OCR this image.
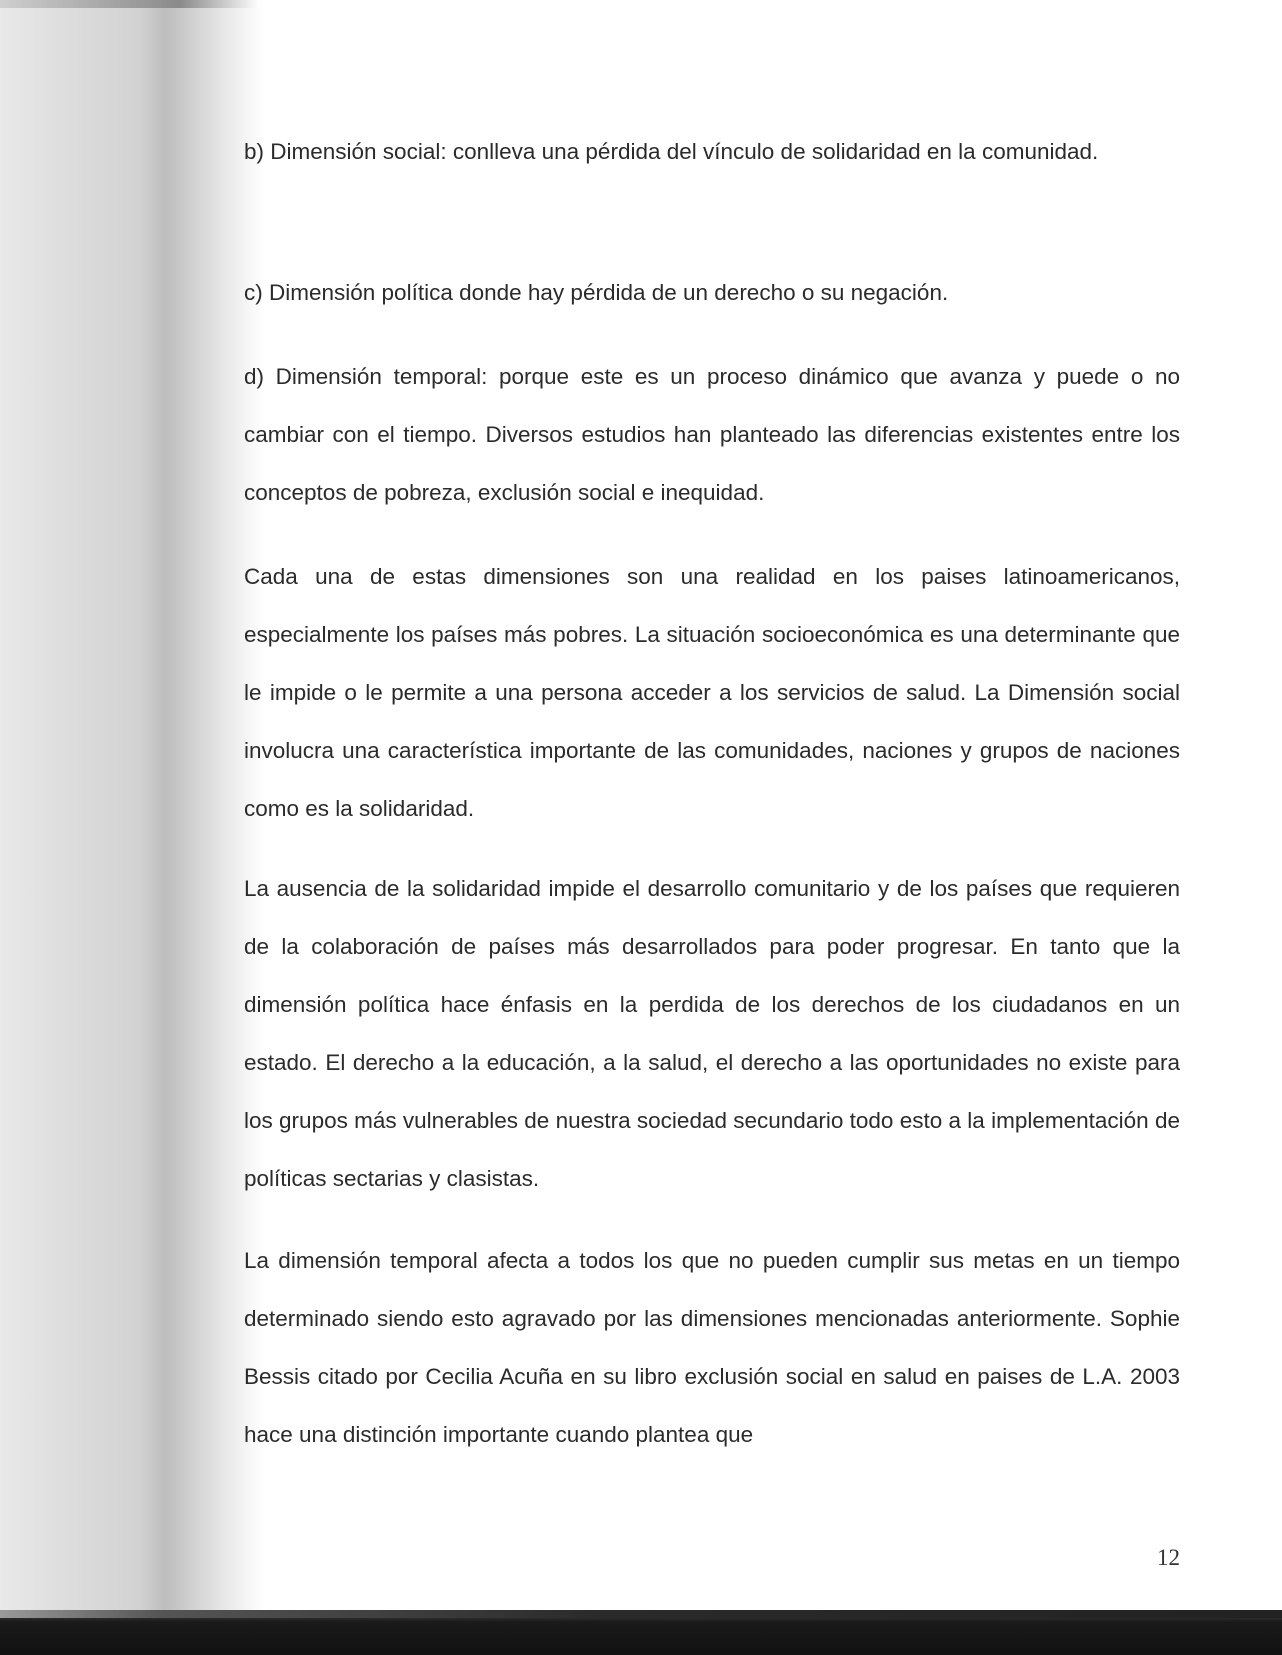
b) Dimensión social: conlleva una pérdida del vínculo de solidaridad en la comunidad.

c) Dimensión política donde hay pérdida de un derecho o su negación.

d) Dimensión temporal: porque este es un proceso dinámico que avanza y puede o no cambiar con el tiempo. Diversos estudios han planteado las diferencias existentes entre los conceptos de pobreza, exclusión social e inequidad.

Cada una de estas dimensiones son una realidad en los paises latinoamericanos, especialmente los países más pobres. La situación socioeconómica es una determinante que le impide o le permite a una persona acceder a los servicios de salud. La Dimensión social involucra una característica importante de las comunidades, naciones y grupos de naciones como es la solidaridad.

La ausencia de la solidaridad impide el desarrollo comunitario y de los países que requieren de la colaboración de países más desarrollados para poder progresar. En tanto que la dimensión política hace énfasis en la perdida de los derechos de los ciudadanos en un estado. El derecho a la educación, a la salud, el derecho a las oportunidades no existe para los grupos más vulnerables de nuestra sociedad secundario todo esto a la implementación de políticas sectarias y clasistas.

La dimensión temporal afecta a todos los que no pueden cumplir sus metas en un tiempo determinado siendo esto agravado por las dimensiones mencionadas anteriormente. Sophie Bessis citado por Cecilia Acuña en su libro exclusión social en salud en paises de L.A. 2003 hace una distinción importante cuando plantea que

12
